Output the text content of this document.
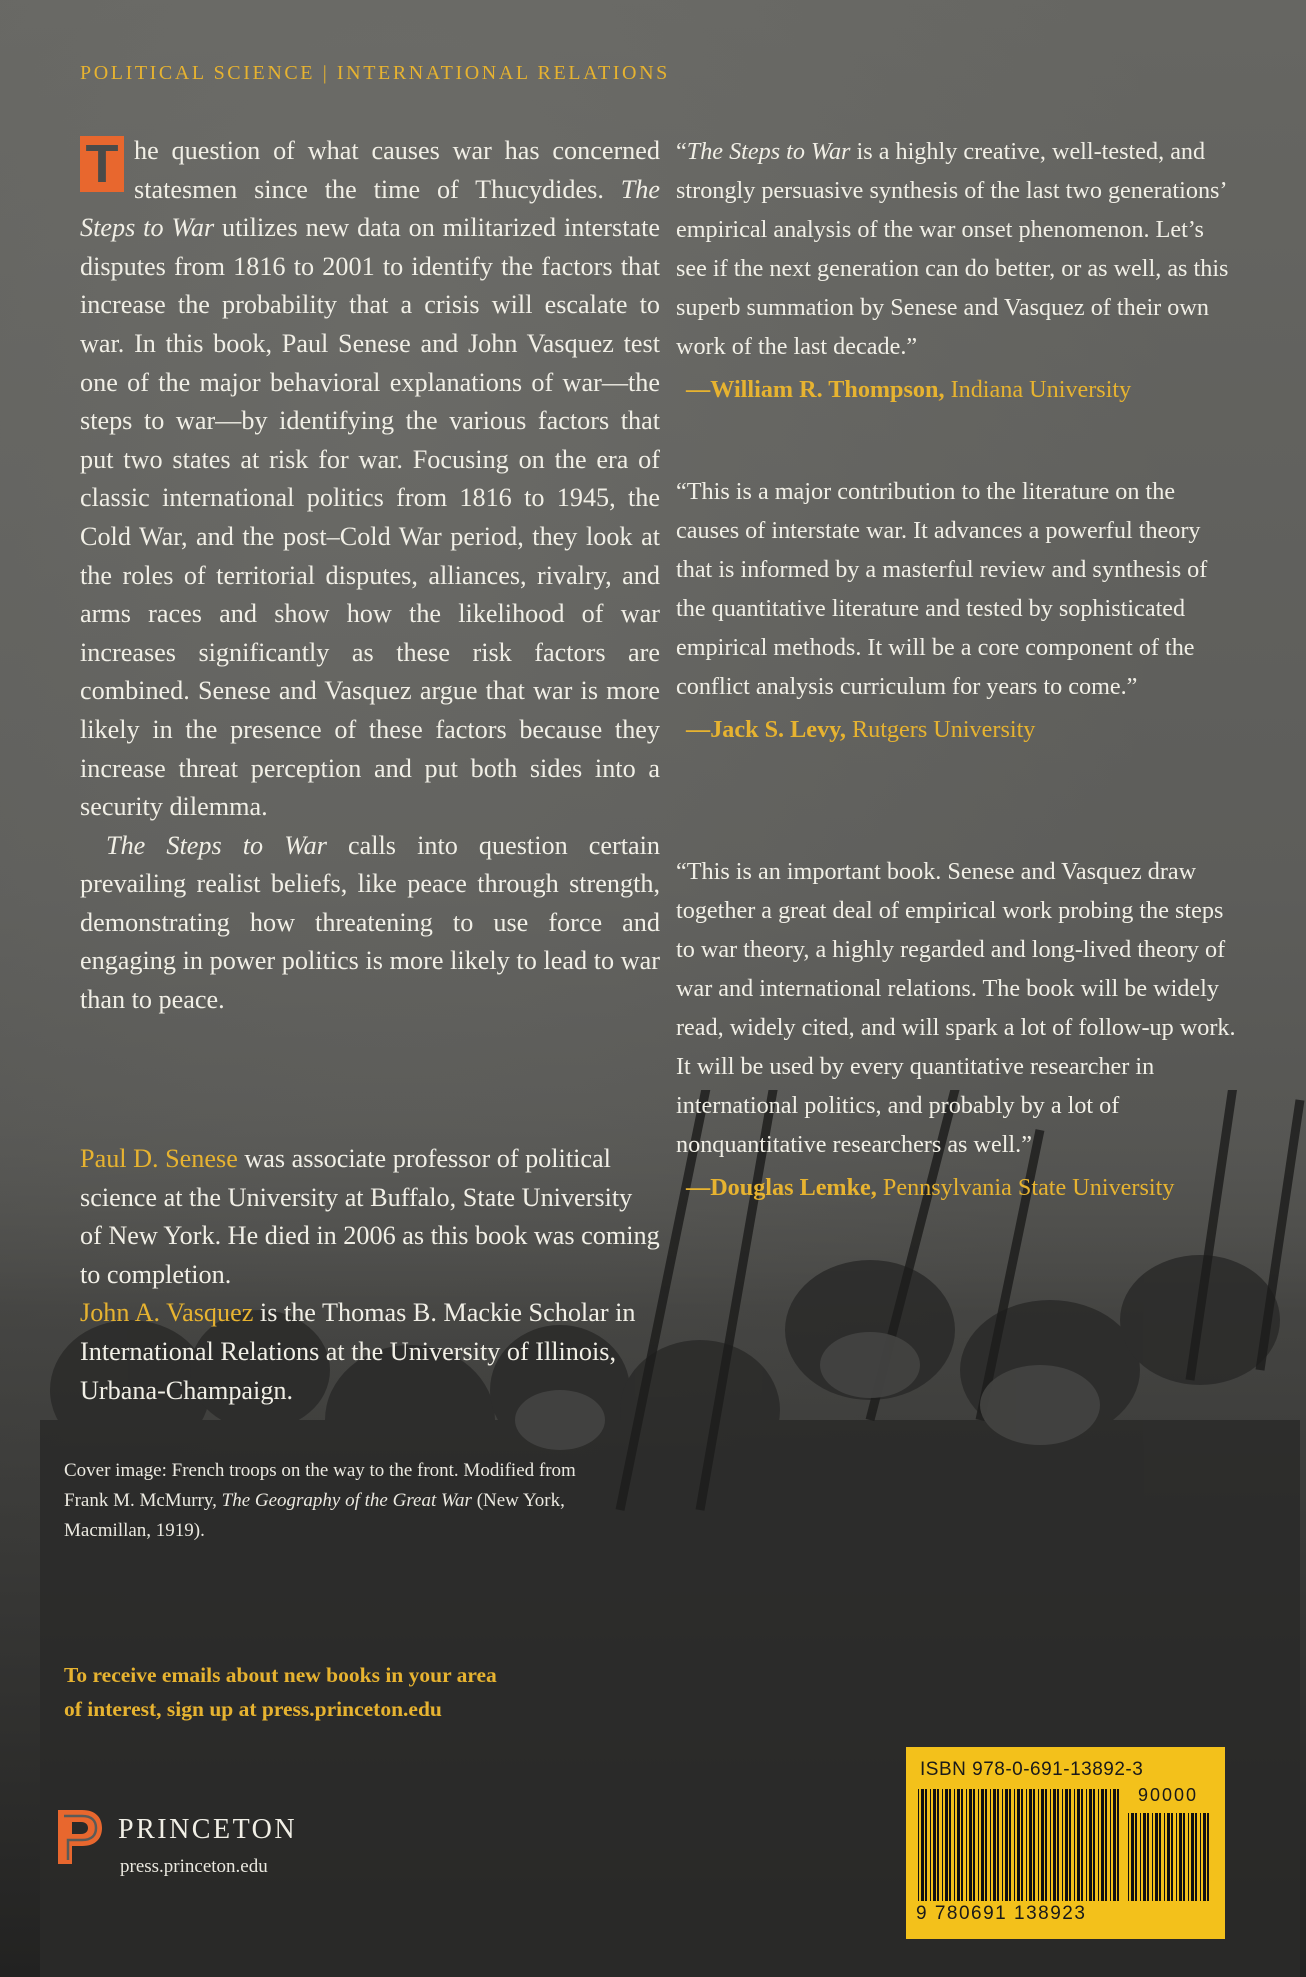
POLITICAL SCIENCE | INTERNATIONAL RELATIONS

T he question of what causes war has concerned statesmen since the time of Thucydides. The Steps to War utilizes new data on militarized interstate disputes from 1816 to 2001 to identify the factors that increase the probability that a crisis will escalate to war. In this book, Paul Senese and John Vasquez test one of the major behavioral explanations of war—the steps to war—by identifying the various factors that put two states at risk for war. Focusing on the era of classic international politics from 1816 to 1945, the Cold War, and the post–Cold War period, they look at the roles of territorial disputes, alliances, rivalry, and arms races and show how the likelihood of war increases significantly as these risk factors are combined. Senese and Vasquez argue that war is more likely in the presence of these factors because they increase threat perception and put both sides into a security dilemma.

The Steps to War calls into question certain prevailing realist beliefs, like peace through strength, demonstrating how threatening to use force and engaging in power politics is more likely to lead to war than to peace.

Paul D. Senese was associate professor of political science at the University at Buffalo, State University of New York. He died in 2006 as this book was coming to completion.

John A. Vasquez is the Thomas B. Mackie Scholar in International Relations at the University of Illinois, Urbana-Champaign.

Cover image: French troops on the way to the front. Modified from Frank M. McMurry, The Geography of the Great War (New York, Macmillan, 1919).

To receive emails about new books in your area

of interest, sign up at press.princeton.edu

PRINCETON
press.princeton.edu

“The Steps to War is a highly creative, well-tested, and strongly persuasive synthesis of the last two generations’ empirical analysis of the war onset phenomenon. Let’s see if the next generation can do better, or as well, as this superb summation by Senese and Vasquez of their own work of the last decade.”

—William R. Thompson, Indiana University

“This is a major contribution to the literature on the causes of interstate war. It advances a powerful theory that is informed by a masterful review and synthesis of the quantitative literature and tested by sophisticated empirical methods. It will be a core component of the conflict analysis curriculum for years to come.”

—Jack S. Levy, Rutgers University

“This is an important book. Senese and Vasquez draw together a great deal of empirical work probing the steps to war theory, a highly regarded and long-lived theory of war and international relations. The book will be widely read, widely cited, and will spark a lot of follow-up work. It will be used by every quantitative researcher in international politics, and probably by a lot of nonquantitative researchers as well.”

—Douglas Lemke, Pennsylvania State University

ISBN 978-0-691-13892-3
90000
9 780691 138923
